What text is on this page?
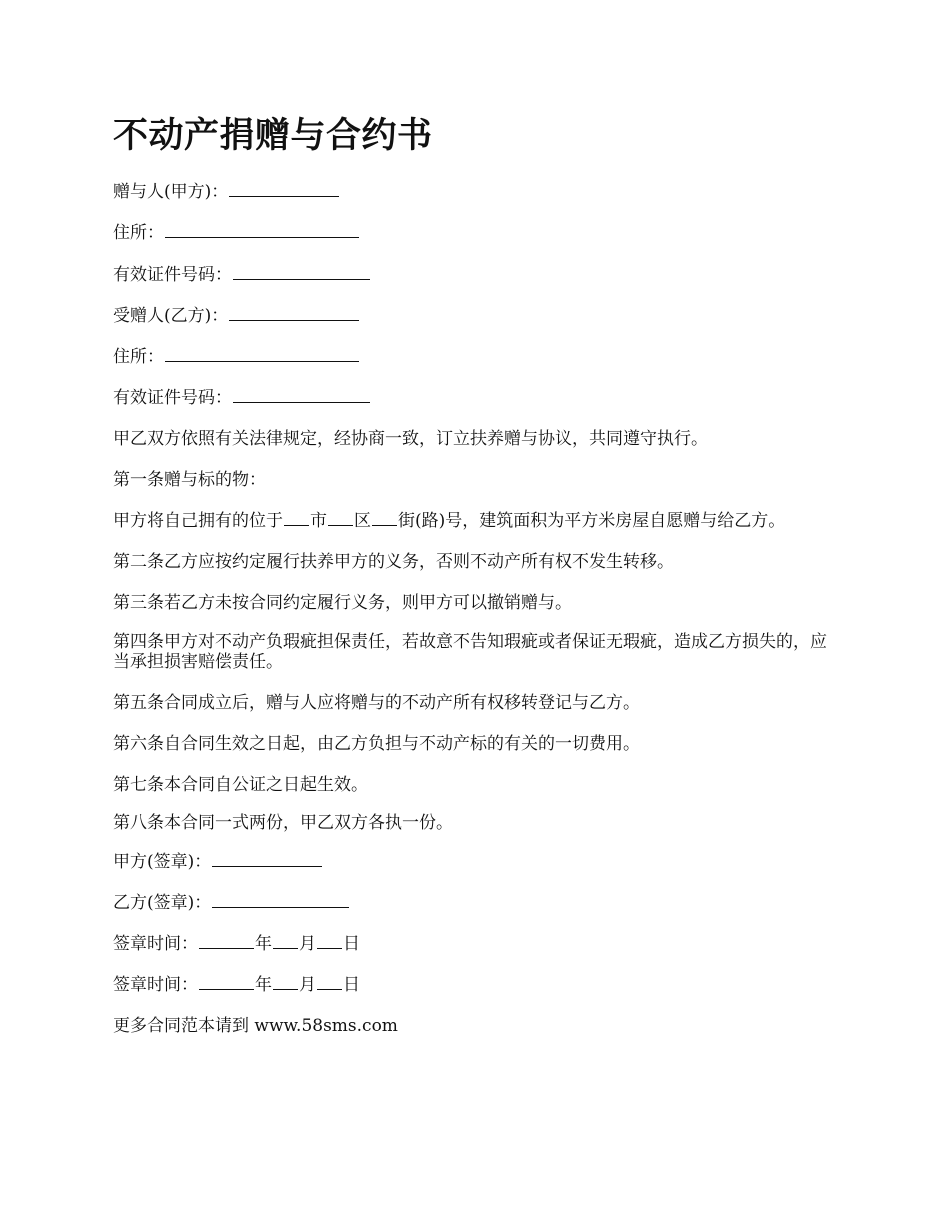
不动产捐赠与合约书

赠与人(甲方)：

住所：

有效证件号码：

受赠人(乙方)：

住所：

有效证件号码：

甲乙双方依照有关法律规定，经协商一致，订立扶养赠与协议，共同遵守执行。

第一条赠与标的物：

甲方将自己拥有的位于 市 区 街(路)号，建筑面积为平方米房屋自愿赠与给乙方。

第二条乙方应按约定履行扶养甲方的义务，否则不动产所有权不发生转移。

第三条若乙方未按合同约定履行义务，则甲方可以撤销赠与。

第四条甲方对不动产负瑕疵担保责任，若故意不告知瑕疵或者保证无瑕疵，造成乙方损失的，应当承担损害赔偿责任。

第五条合同成立后，赠与人应将赠与的不动产所有权移转登记与乙方。

第六条自合同生效之日起，由乙方负担与不动产标的有关的一切费用。

第七条本合同自公证之日起生效。

第八条本合同一式两份，甲乙双方各执一份。

甲方(签章)：

乙方(签章)：

签章时间：	年 月 日

签章时间：	年 月 日

更多合同范本请到 www.58sms.com
